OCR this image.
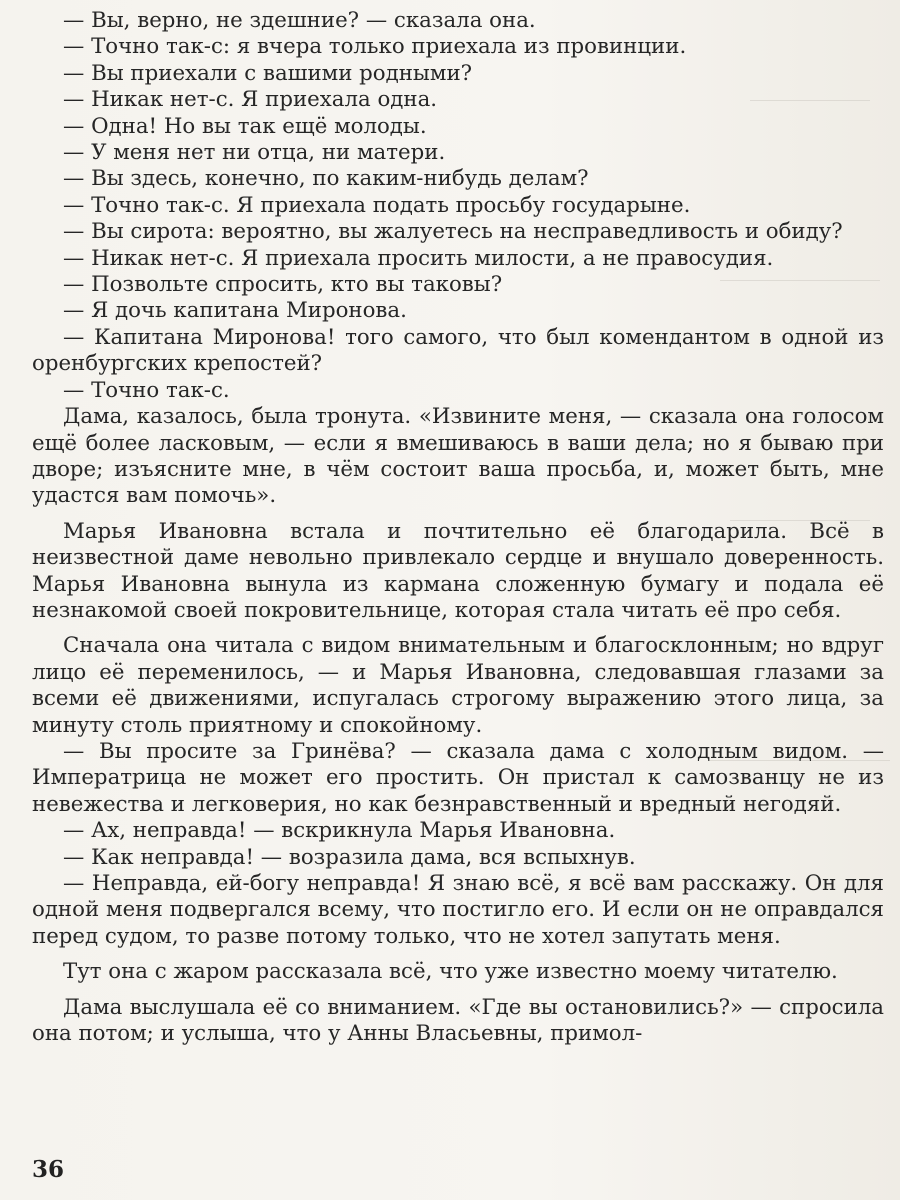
— Вы, верно, не здешние? — сказала она.

— Точно так-с: я вчера только приехала из провинции.

— Вы приехали с вашими родными?

— Никак нет-с. Я приехала одна.

— Одна! Но вы так ещё молоды.

— У меня нет ни отца, ни матери.

— Вы здесь, конечно, по каким-нибудь делам?

— Точно так-с. Я приехала подать просьбу государыне.

— Вы сирота: вероятно, вы жалуетесь на несправедливость и обиду?

— Никак нет-с. Я приехала просить милости, а не правосудия.

— Позвольте спросить, кто вы таковы?

— Я дочь капитана Миронова.

— Капитана Миронова! того самого, что был комендантом в одной из оренбургских крепостей?

— Точно так-с.

Дама, казалось, была тронута. «Извините меня, — сказала она голосом ещё более ласковым, — если я вмешиваюсь в ваши дела; но я бываю при дворе; изъясните мне, в чём состоит ваша просьба, и, может быть, мне удастся вам помочь».

Марья Ивановна встала и почтительно её благодарила. Всё в неизвестной даме невольно привлекало сердце и внушало доверенность. Марья Ивановна вынула из кармана сложенную бумагу и подала её незнакомой своей покровительнице, которая стала читать её про себя.

Сначала она читала с видом внимательным и благосклонным; но вдруг лицо её переменилось, — и Марья Ивановна, следовавшая глазами за всеми её движениями, испугалась строгому выражению этого лица, за минуту столь приятному и спокойному.

— Вы просите за Гринёва? — сказала дама с холодным видом. — Императрица не может его простить. Он пристал к самозванцу не из невежества и легковерия, но как безнравственный и вредный негодяй.

— Ах, неправда! — вскрикнула Марья Ивановна.

— Как неправда! — возразила дама, вся вспыхнув.

— Неправда, ей-богу неправда! Я знаю всё, я всё вам расскажу. Он для одной меня подвергался всему, что постигло его. И если он не оправдался перед судом, то разве потому только, что не хотел запутать меня.

Тут она с жаром рассказала всё, что уже известно моему читателю.

Дама выслушала её со вниманием. «Где вы остановились?» — спросила она потом; и услыша, что у Анны Власьевны, примол-

36
